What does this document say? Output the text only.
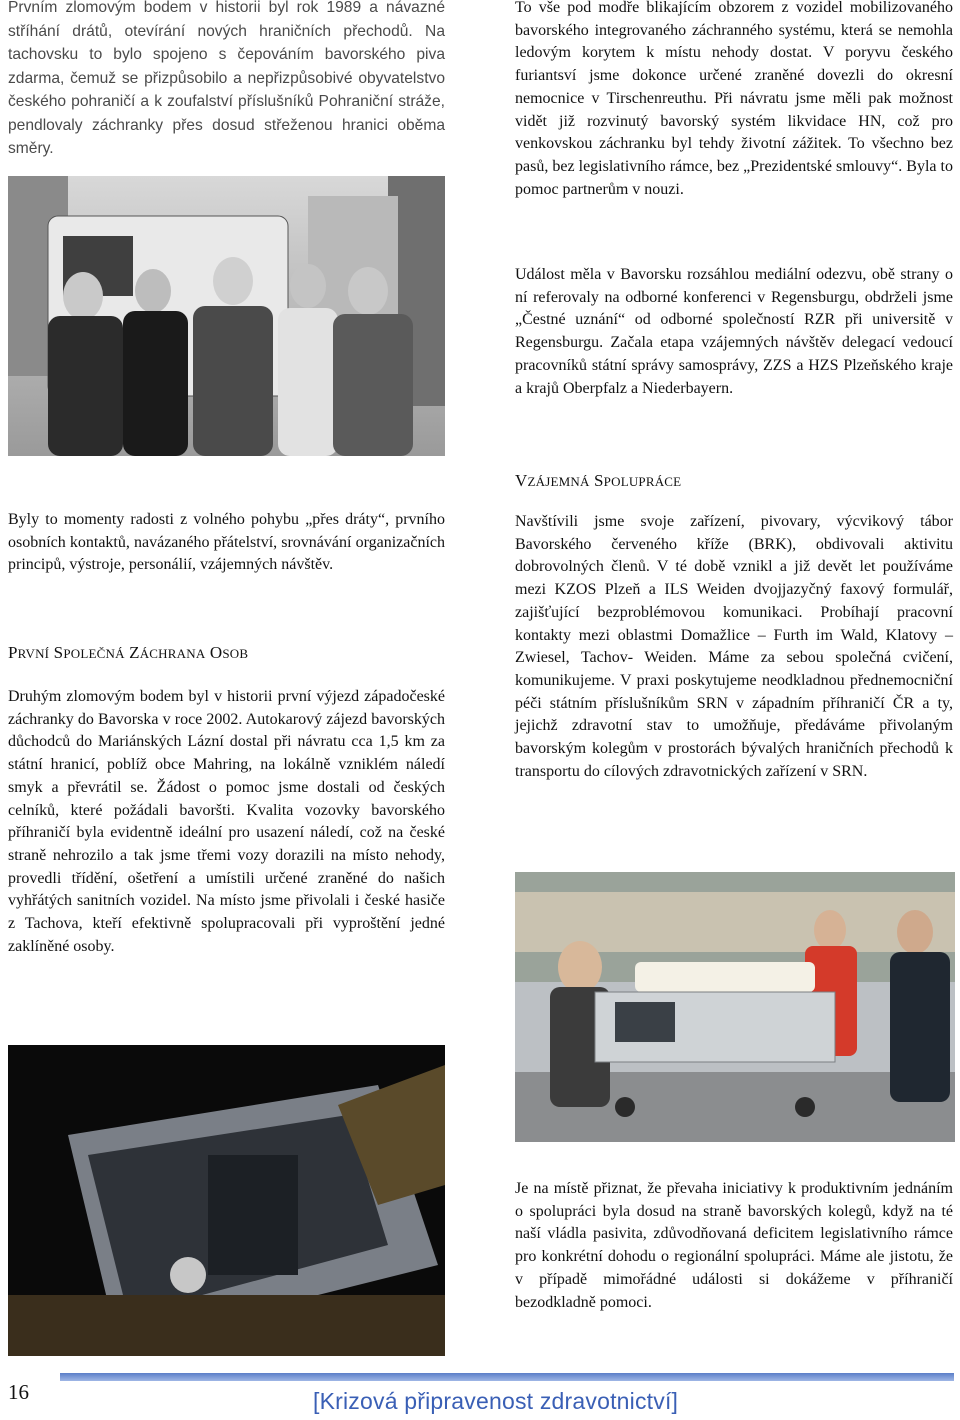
Prvním zlomovým bodem v historii byl rok 1989 a návazné stříhání drátů, otevírání nových hraničních přechodů. Na tachovsku to bylo spojeno s čepováním bavorského piva zdarma, čemuž se přizpůsobilo a nepřizpůsobivé obyvatelstvo českého pohraničí a k zoufalství příslušníků Pohraniční stráže, pendlovaly záchranky přes dosud střeženou hranici oběma směry.

Byly to momenty radosti z volného pohybu „přes dráty“, prvního osobních kontaktů, navázaného přátelství, srovnávání organizačních principů, výstroje, personálií, vzájemných návštěv.

PRVNÍ SPOLEČNÁ ZÁCHRANA OSOB

Druhým zlomovým bodem byl v historii první výjezd západočeské záchranky do Bavorska v roce 2002. Autokarový zájezd bavorských důchodců do Mariánských Lázní dostal při návratu cca 1,5 km za státní hranicí, poblíž obce Mahring, na lokálně vzniklém náledí smyk a převrátil se. Žádost o pomoc jsme dostali od českých celníků, které požádali bavoršti. Kvalita vozovky bavorského příhraničí byla evidentně ideální pro usazení náledí, což na české straně nehrozilo a tak jsme třemi vozy dorazili na místo nehody, provedli třídění, ošetření a umístili určené zraněné do našich vyhřátých sanitních vozidel. Na místo jsme přivolali i české hasiče z Tachova, kteří efektivně spolupracovali při vyproštění jedné zaklíněné osoby.

To vše pod modře blikajícím obzorem z vozidel mobilizovaného bavorského integrovaného záchranného systému, která se nemohla ledovým korytem k místu nehody dostat. V poryvu českého furiantsví jsme dokonce určené zraněné dovezli do okresní nemocnice v Tirschenreuthu. Při návratu jsme měli pak možnost vidět již rozvinutý bavorský systém likvidace HN, což pro venkovskou záchranku byl tehdy životní zážitek. To všechno bez pasů, bez legislativního rámce, bez „Prezidentské smlouvy“. Byla to pomoc partnerům v nouzi.

Událost měla v Bavorsku rozsáhlou mediální odezvu, obě strany o ní referovaly na odborné konferenci v Regensburgu, obdrželi jsme „Čestné uznání“ od odborné společností RZR při universitě v Regensburgu. Začala etapa vzájemných návštěv delegací vedoucí pracovníků státní správy samosprávy, ZZS a HZS Plzeňského kraje a krajů Oberpfalz a Niederbayern.

VZÁJEMNÁ SPOLUPRÁCE

Navštívili jsme svoje zařízení, pivovary, výcvikový tábor Bavorského červeného kříže (BRK), obdivovali aktivitu dobrovolných členů. V té době vznikl a již devět let používáme mezi KZOS Plzeň a ILS Weiden dvojjazyčný faxový formulář, zajišťující bezproblémovou komunikaci. Probíhají pracovní kontakty mezi oblastmi Domažlice – Furth im Wald, Klatovy – Zwiesel, Tachov- Weiden. Máme za sebou společná cvičení, komunikujeme. V praxi poskytujeme neodkladnou přednemocniční péči státním příslušníkům SRN v západním příhraničí ČR a ty, jejichž zdravotní stav to umožňuje, předáváme přivolaným bavorským kolegům v prostorách bývalých hraničních přechodů k transportu do cílových zdravotnických zařízení v SRN.

Je na místě přiznat, že převaha iniciativy k produktivním jednáním o spolupráci byla dosud na straně bavorských kolegů, když na té naší vládla pasivita, zdůvodňovaná deficitem legislativního rámce pro konkrétní dohodu o regionální spolupráci. Máme ale jistotu, že v případě mimořádné události si dokážeme v příhraničí bezodkladně pomoci.

16	[Krizová připravenost zdravotnictví]
